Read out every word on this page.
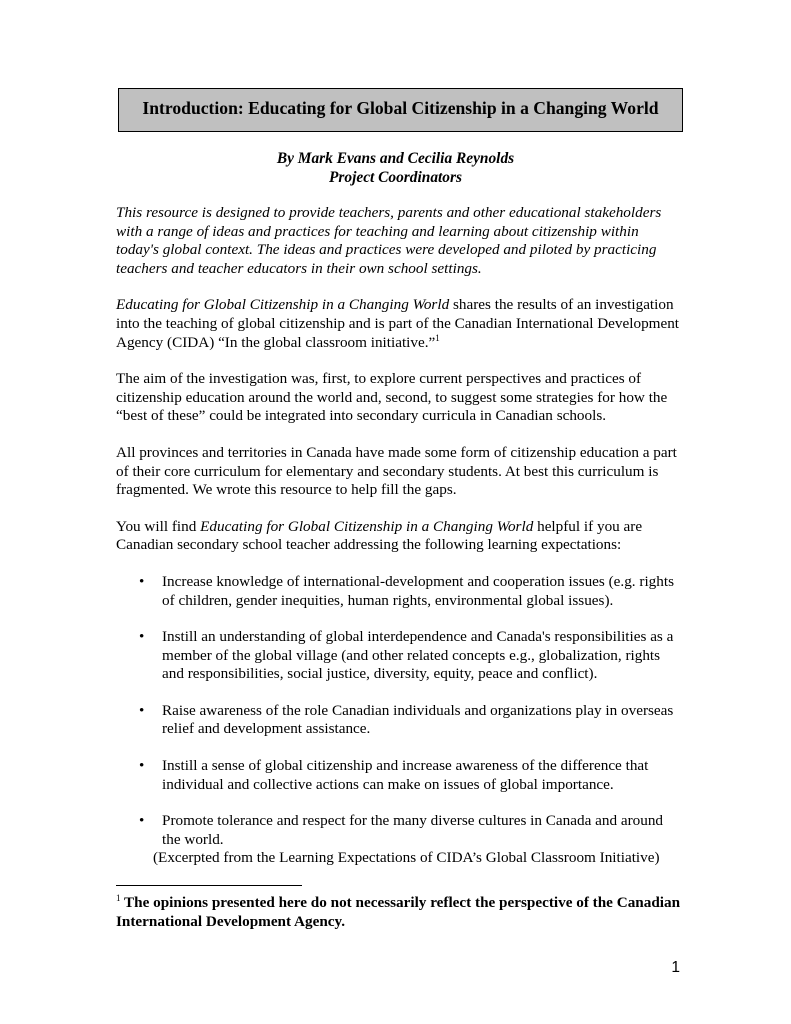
Introduction: Educating for Global Citizenship in a Changing World
By Mark Evans and Cecilia Reynolds
Project Coordinators

This resource is designed to provide teachers, parents and other educational stakeholders with a range of ideas and practices for teaching and learning about citizenship within today's global context. The ideas and practices were developed and piloted by practicing teachers and teacher educators in their own school settings.

Educating for Global Citizenship in a Changing World shares the results of an investigation into the teaching of global citizenship and is part of the Canadian International Development Agency (CIDA) “In the global classroom initiative.”$^1$

The aim of the investigation was, first, to explore current perspectives and practices of citizenship education around the world and, second, to suggest some strategies for how the “best of these” could be integrated into secondary curricula in Canadian schools.

All provinces and territories in Canada have made some form of citizenship education a part of their core curriculum for elementary and secondary students. At best this curriculum is fragmented. We wrote this resource to help fill the gaps.

You will find Educating for Global Citizenship in a Changing World helpful if you are Canadian secondary school teacher addressing the following learning expectations:

• Increase knowledge of international-development and cooperation issues (e.g. rights of children, gender inequities, human rights, environmental global issues).
• Instill an understanding of global interdependence and Canada's responsibilities as a member of the global village (and other related concepts e.g., globalization, rights and responsibilities, social justice, diversity, equity, peace and conflict).
• Raise awareness of the role Canadian individuals and organizations play in overseas relief and development assistance.
• Instill a sense of global citizenship and increase awareness of the difference that individual and collective actions can make on issues of global importance.
• Promote tolerance and respect for the many diverse cultures in Canada and around the world.
(Excerpted from the Learning Expectations of CIDA’s Global Classroom Initiative)
$^1$ The opinions presented here do not necessarily reflect the perspective of the Canadian International Development Agency.
1
